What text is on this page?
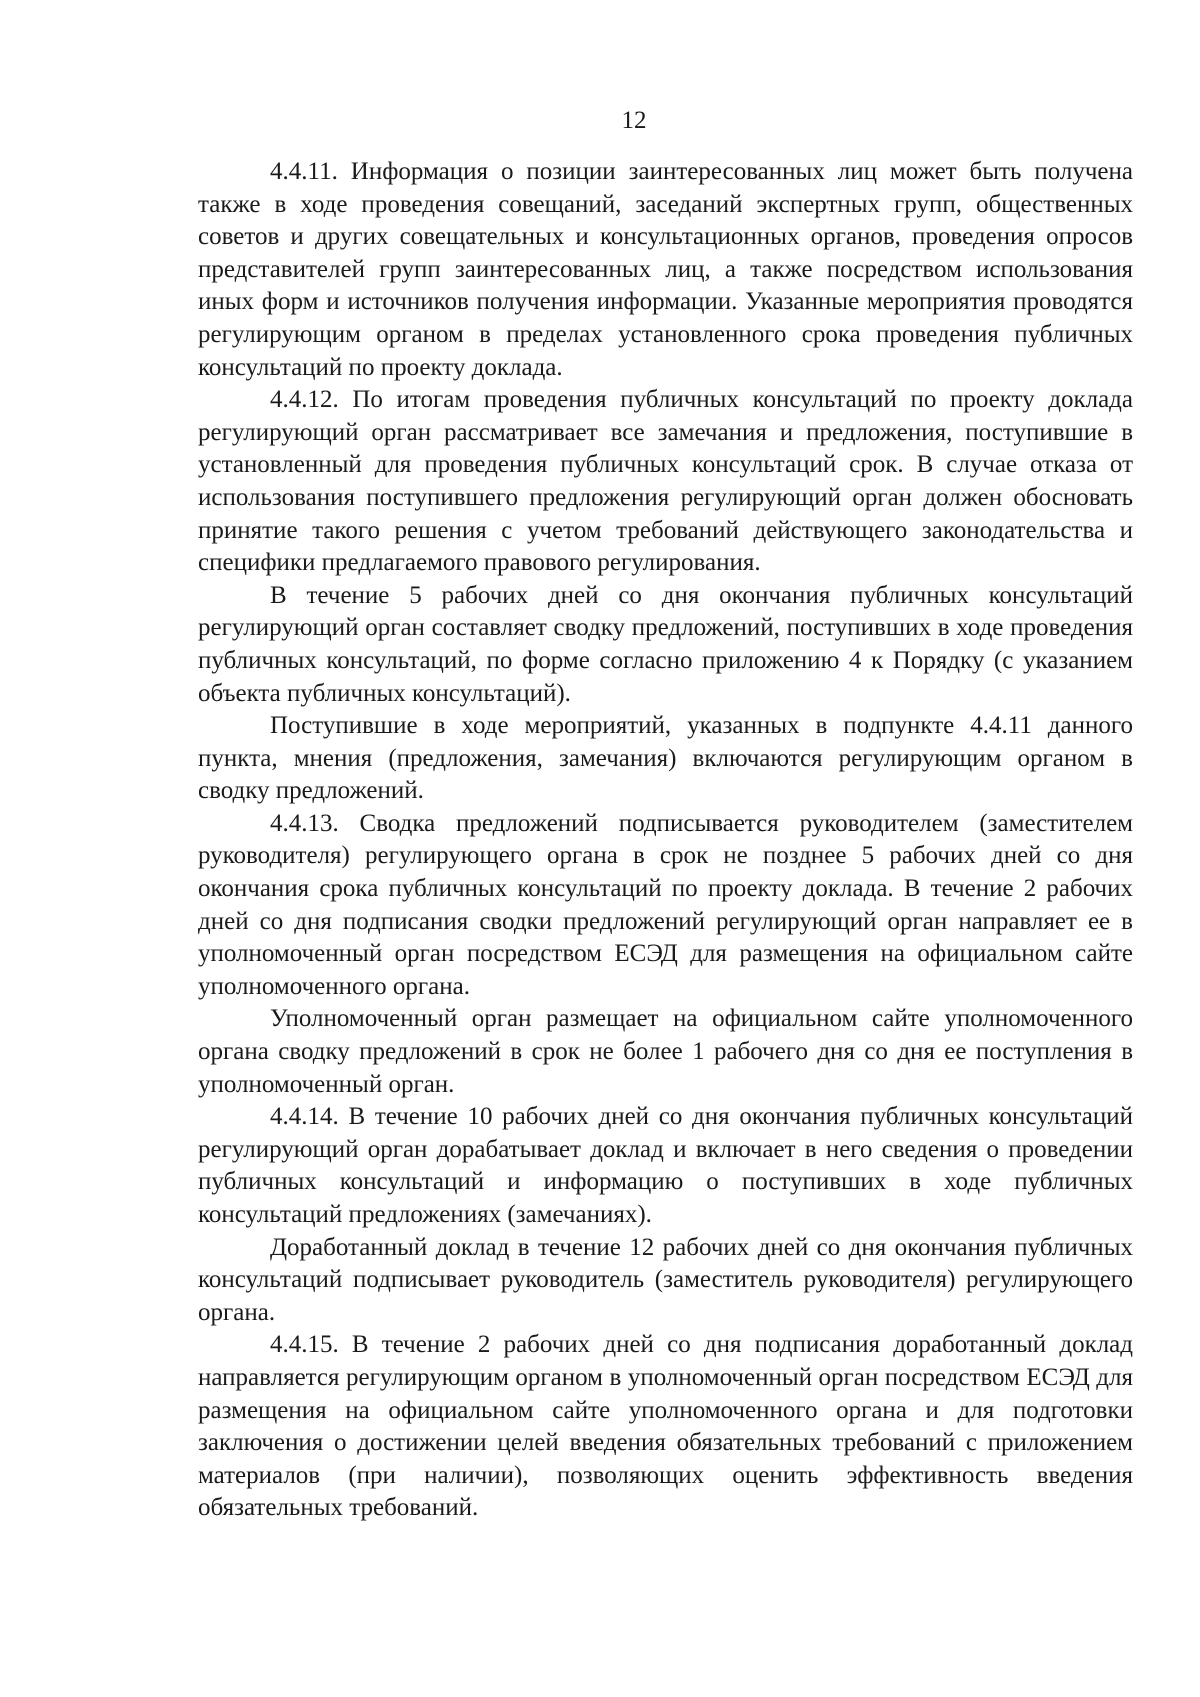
12

4.4.11. Информация о позиции заинтересованных лиц может быть получена также в ходе проведения совещаний, заседаний экспертных групп, общественных советов и других совещательных и консультационных органов, проведения опросов представителей групп заинтересованных лиц, а также посредством использования иных форм и источников получения информации. Указанные мероприятия проводятся регулирующим органом в пределах установленного срока проведения публичных консультаций по проекту доклада.

4.4.12. По итогам проведения публичных консультаций по проекту доклада регулирующий орган рассматривает все замечания и предложения, поступившие в установленный для проведения публичных консультаций срок. В случае отказа от использования поступившего предложения регулирующий орган должен обосновать принятие такого решения с учетом требований действующего законодательства и специфики предлагаемого правового регулирования.

В течение 5 рабочих дней со дня окончания публичных консультаций регулирующий орган составляет сводку предложений, поступивших в ходе проведения публичных консультаций, по форме согласно приложению 4 к Порядку (с указанием объекта публичных консультаций).

Поступившие в ходе мероприятий, указанных в подпункте 4.4.11 данного пункта, мнения (предложения, замечания) включаются регулирующим органом в сводку предложений.

4.4.13. Сводка предложений подписывается руководителем (заместителем руководителя) регулирующего органа в срок не позднее 5 рабочих дней со дня окончания срока публичных консультаций по проекту доклада. В течение 2 рабочих дней со дня подписания сводки предложений регулирующий орган направляет ее в уполномоченный орган посредством ЕСЭД для размещения на официальном сайте уполномоченного органа.

Уполномоченный орган размещает на официальном сайте уполномоченного органа сводку предложений в срок не более 1 рабочего дня со дня ее поступления в уполномоченный орган.

4.4.14. В течение 10 рабочих дней со дня окончания публичных консультаций регулирующий орган дорабатывает доклад и включает в него сведения о проведении публичных консультаций и информацию о поступивших в ходе публичных консультаций предложениях (замечаниях).

Доработанный доклад в течение 12 рабочих дней со дня окончания публичных консультаций подписывает руководитель (заместитель руководителя) регулирующего органа.

4.4.15. В течение 2 рабочих дней со дня подписания доработанный доклад направляется регулирующим органом в уполномоченный орган посредством ЕСЭД для размещения на официальном сайте уполномоченного органа и для подготовки заключения о достижении целей введения обязательных требований с приложением материалов (при наличии), позволяющих оценить эффективность введения обязательных требований.
